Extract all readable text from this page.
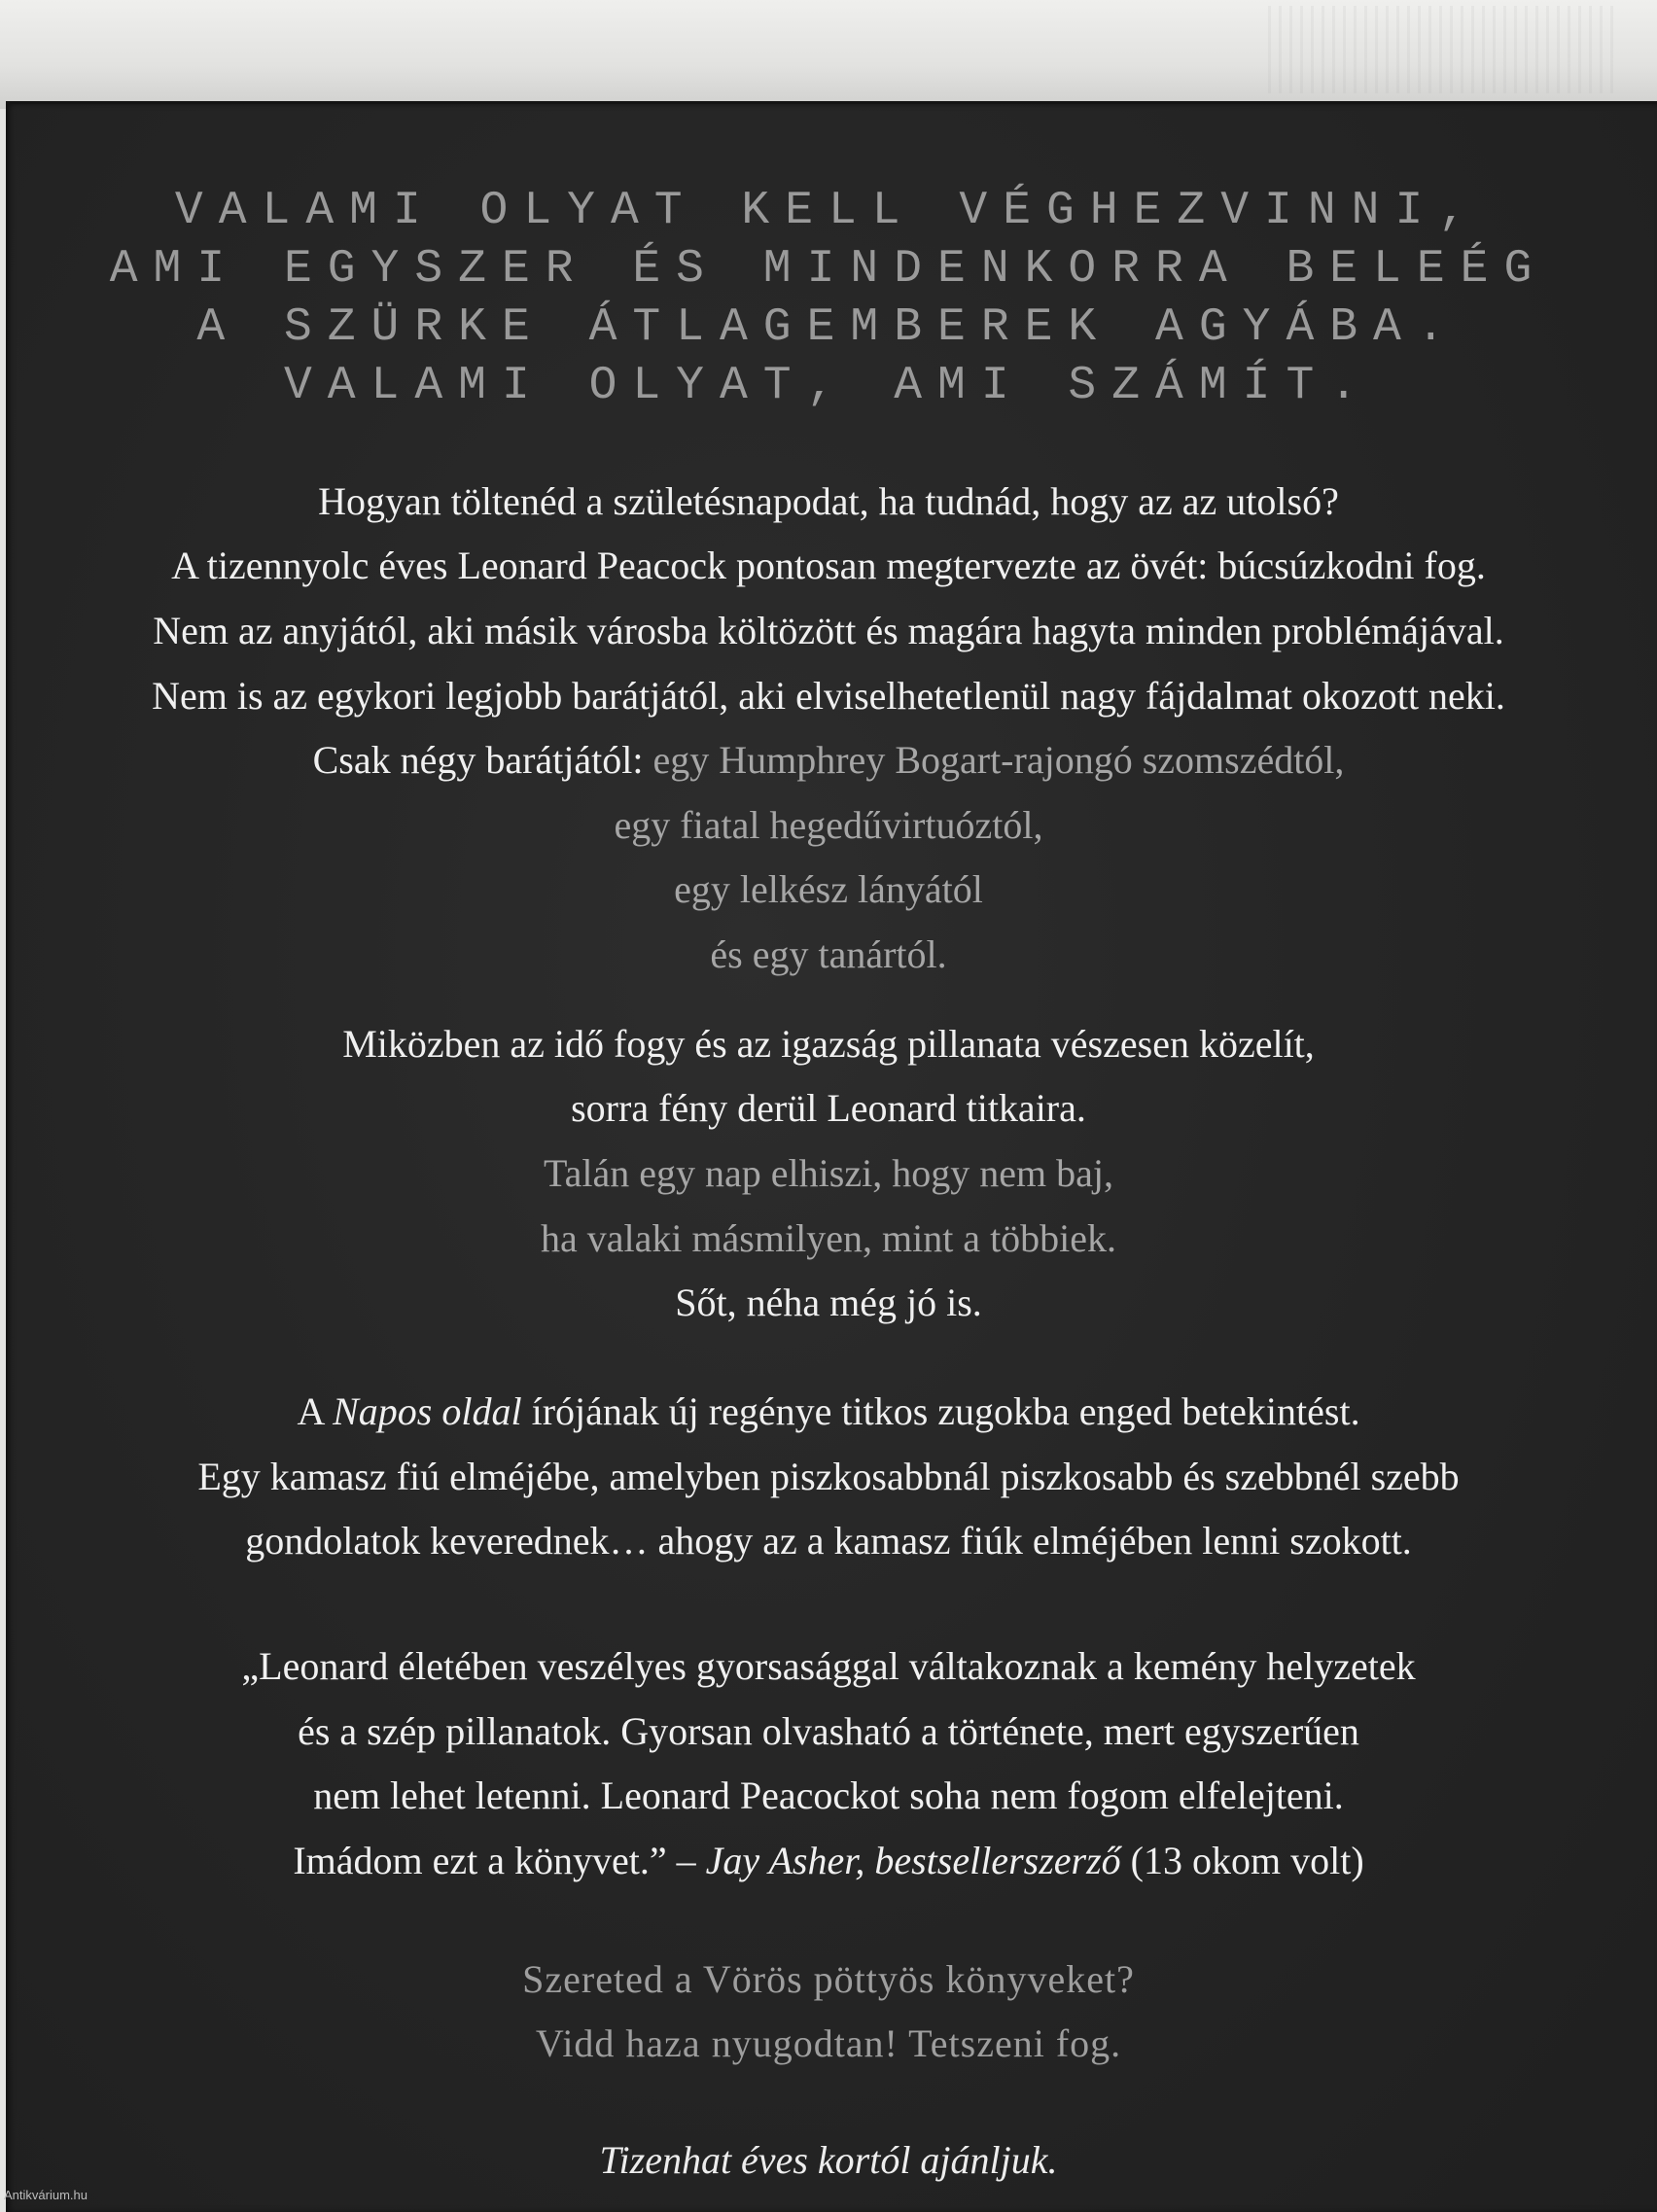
VALAMI OLYAT KELL VÉGHEZVINNI,
AMI EGYSZER ÉS MINDENKORRA BELEÉG
A SZÜRKE ÁTLAGEMBEREK AGYÁBA.
VALAMI OLYAT, AMI SZÁMÍT.
Hogyan töltenéd a születésnapodat, ha tudnád, hogy az az utolsó?
A tizennyolc éves Leonard Peacock pontosan megtervezte az övét: búcsúzkodni fog.
Nem az anyjától, aki másik városba költözött és magára hagyta minden problémájával.
Nem is az egykori legjobb barátjától, aki elviselhetetlenül nagy fájdalmat okozott neki.
Csak négy barátjától: egy Humphrey Bogart-rajongó szomszédtól,
egy fiatal hegedűvirtuóztól,
egy lelkész lányától
és egy tanártól.
Miközben az idő fogy és az igazság pillanata vészesen közelít,
sorra fény derül Leonard titkaira.
Talán egy nap elhiszi, hogy nem baj,
ha valaki másmilyen, mint a többiek.
Sőt, néha még jó is.
A Napos oldal írójának új regénye titkos zugokba enged betekintést.
Egy kamasz fiú elméjébe, amelyben piszkosabbnál piszkosabb és szebbnél szebb
gondolatok keverednek… ahogy az a kamasz fiúk elméjében lenni szokott.
„Leonard életében veszélyes gyorsasággal váltakoznak a kemény helyzetek
és a szép pillanatok. Gyorsan olvasható a története, mert egyszerűen
nem lehet letenni. Leonard Peacockot soha nem fogom elfelejteni.
Imádom ezt a könyvet.” – Jay Asher, bestsellerszerző (13 okom volt)
Szereted a Vörös pöttyös könyveket?
Vidd haza nyugodtan! Tetszeni fog.
Tizenhat éves kortól ajánljuk.
Antikvárium.hu
